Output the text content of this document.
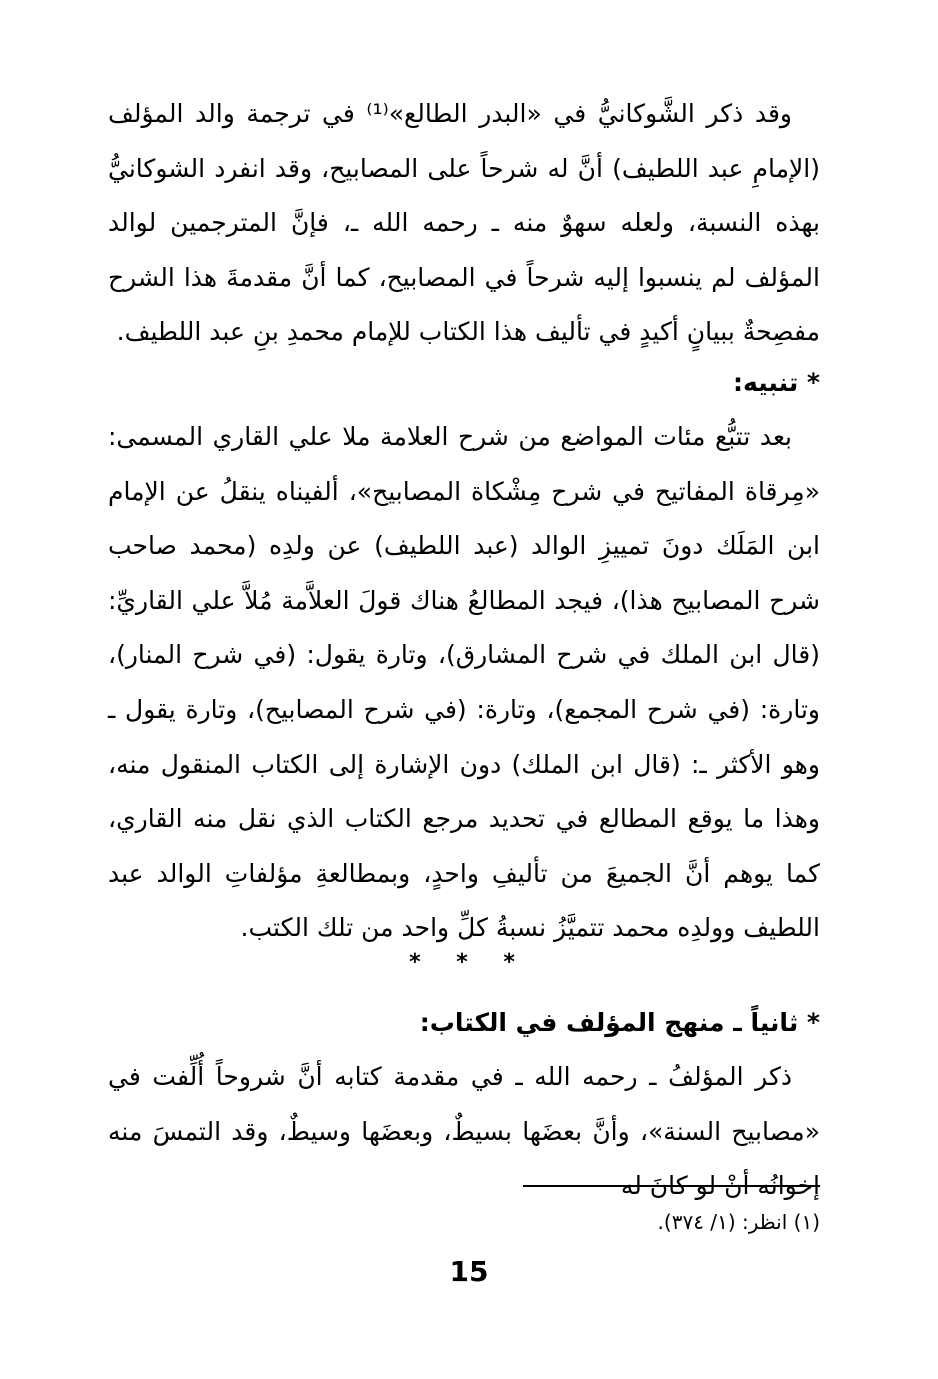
وقد ذكر الشَّوكانيُّ في «البدر الطالع»⁽¹⁾ في ترجمة والد المؤلف (الإمامِ عبد اللطيف) أنَّ له شرحاً على المصابيح، وقد انفرد الشوكانيُّ بهذه النسبة، ولعله سهوٌ منه ـ رحمه الله ـ، فإنَّ المترجمين لوالد المؤلف لم ينسبوا إليه شرحاً في المصابيح، كما أنَّ مقدمةَ هذا الشرح مفصِحةٌ ببيانٍ أكيدٍ في تأليف هذا الكتاب للإمام محمدِ بنِ عبد اللطيف.

* تنبيه:

بعد تتبُّع مئات المواضع من شرح العلامة ملا علي القاري المسمى: «مِرقاة المفاتيح في شرح مِشْكاة المصابيح»، ألفيناه ينقلُ عن الإمام ابن المَلَك دونَ تمييزِ الوالد (عبد اللطيف) عن ولدِه (محمد صاحب شرح المصابيح هذا)، فيجد المطالعُ هناك قولَ العلاَّمة مُلاَّ علي القاريِّ: (قال ابن الملك في شرح المشارق)، وتارة يقول: (في شرح المنار)، وتارة: (في شرح المجمع)، وتارة: (في شرح المصابيح)، وتارة يقول ـ وهو الأكثر ـ: (قال ابن الملك) دون الإشارة إلى الكتاب المنقول منه، وهذا ما يوقع المطالع في تحديد مرجع الكتاب الذي نقل منه القاري، كما يوهم أنَّ الجميعَ من تأليفِ واحدٍ، وبمطالعةِ مؤلفاتِ الوالد عبد اللطيف وولدِه محمد تتميَّزُ نسبةُ كلِّ واحد من تلك الكتب.

* * *

* ثانياً ـ منهج المؤلف في الكتاب:

ذكر المؤلفُ ـ رحمه الله ـ في مقدمة كتابه أنَّ شروحاً أُلِّفت في «مصابيح السنة»، وأنَّ بعضَها بسيطٌ، وبعضَها وسيطٌ، وقد التمسَ منه إخوانُه أنْ لو كانَ له

(١) انظر: (١/ ٣٧٤).
15
